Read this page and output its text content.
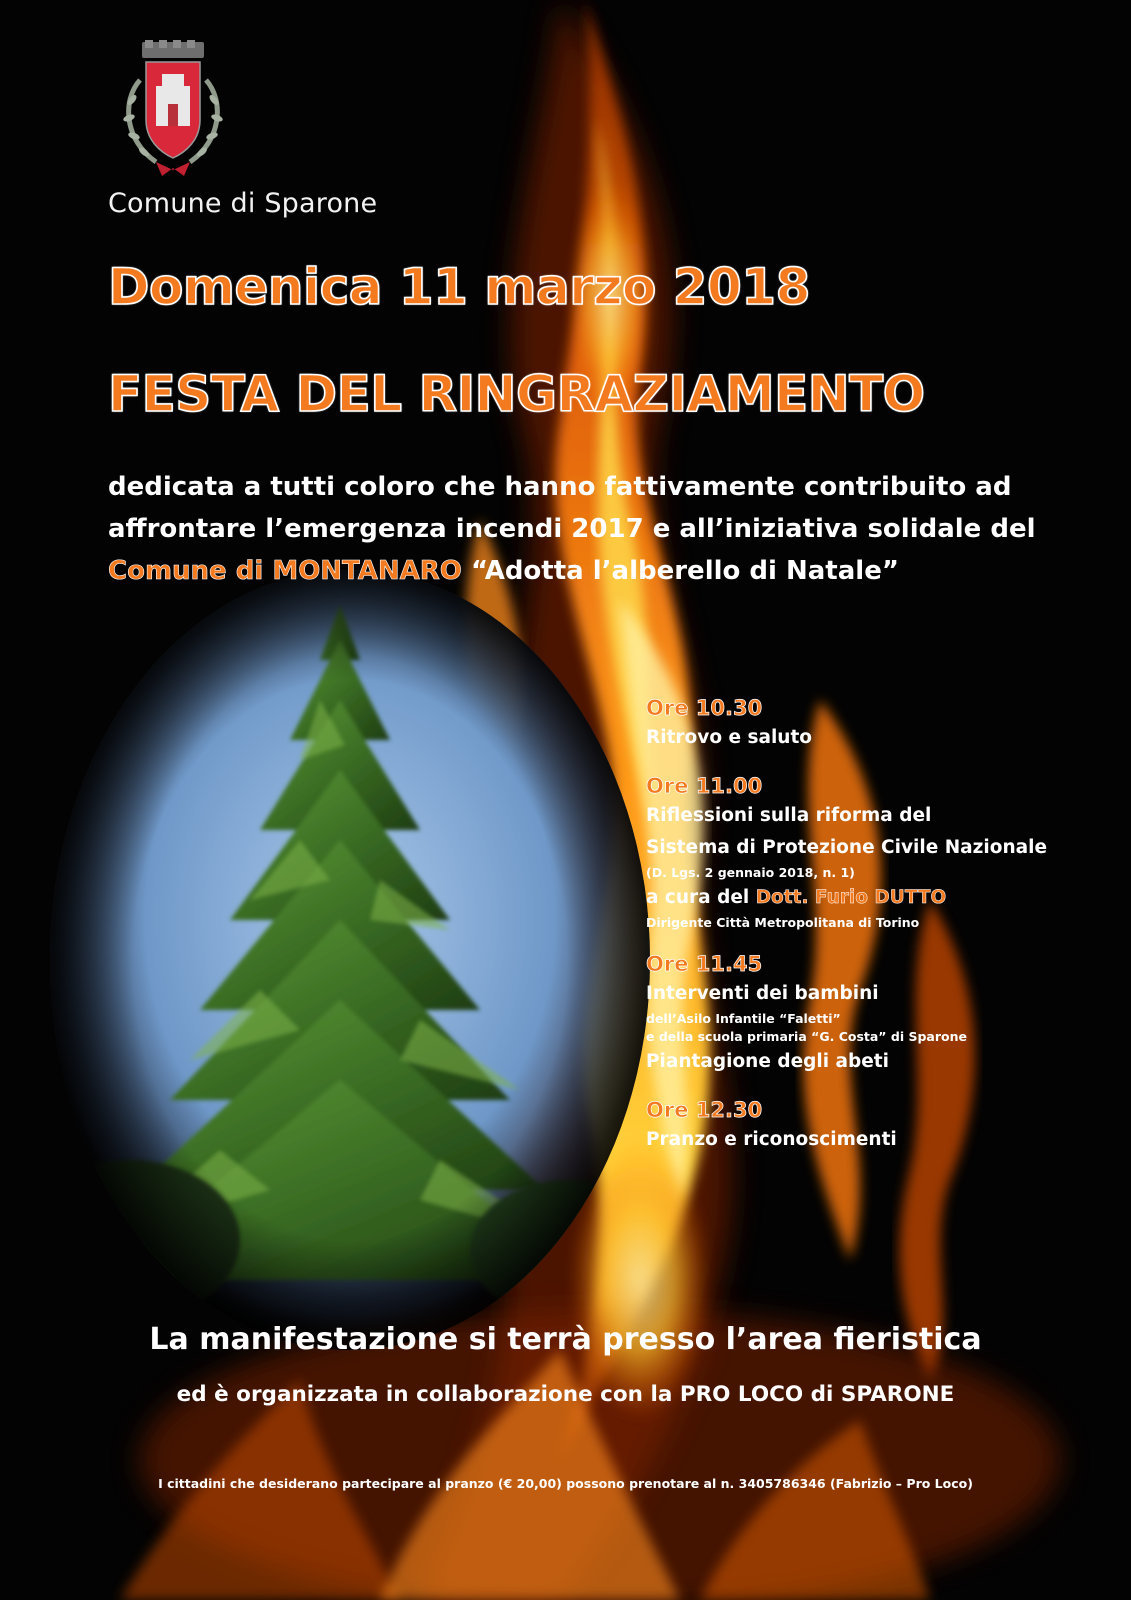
Comune di Sparone
Domenica 11 marzo 2018
FESTA DEL RINGRAZIAMENTO
dedicata a tutti coloro che hanno fattivamente contribuito ad
affrontare l’emergenza incendi 2017 e all’iniziativa solidale del
Comune di MONTANARO “Adotta l’alberello di Natale”
Ore 10.30
Ritrovo e saluto
Ore 11.00
Riflessioni sulla riforma del
Sistema di Protezione Civile Nazionale
(D. Lgs. 2 gennaio 2018, n. 1)
a cura del Dott. Furio DUTTO
Dirigente Città Metropolitana di Torino
Ore 11.45
Interventi dei bambini
dell’Asilo Infantile “Faletti”
e della scuola primaria “G. Costa” di Sparone
Piantagione degli abeti
Ore 12.30
Pranzo e riconoscimenti
La manifestazione si terrà presso l’area fieristica
ed è organizzata in collaborazione con la PRO LOCO di SPARONE
I cittadini che desiderano partecipare al pranzo (€ 20,00) possono prenotare al n. 3405786346 (Fabrizio – Pro Loco)
